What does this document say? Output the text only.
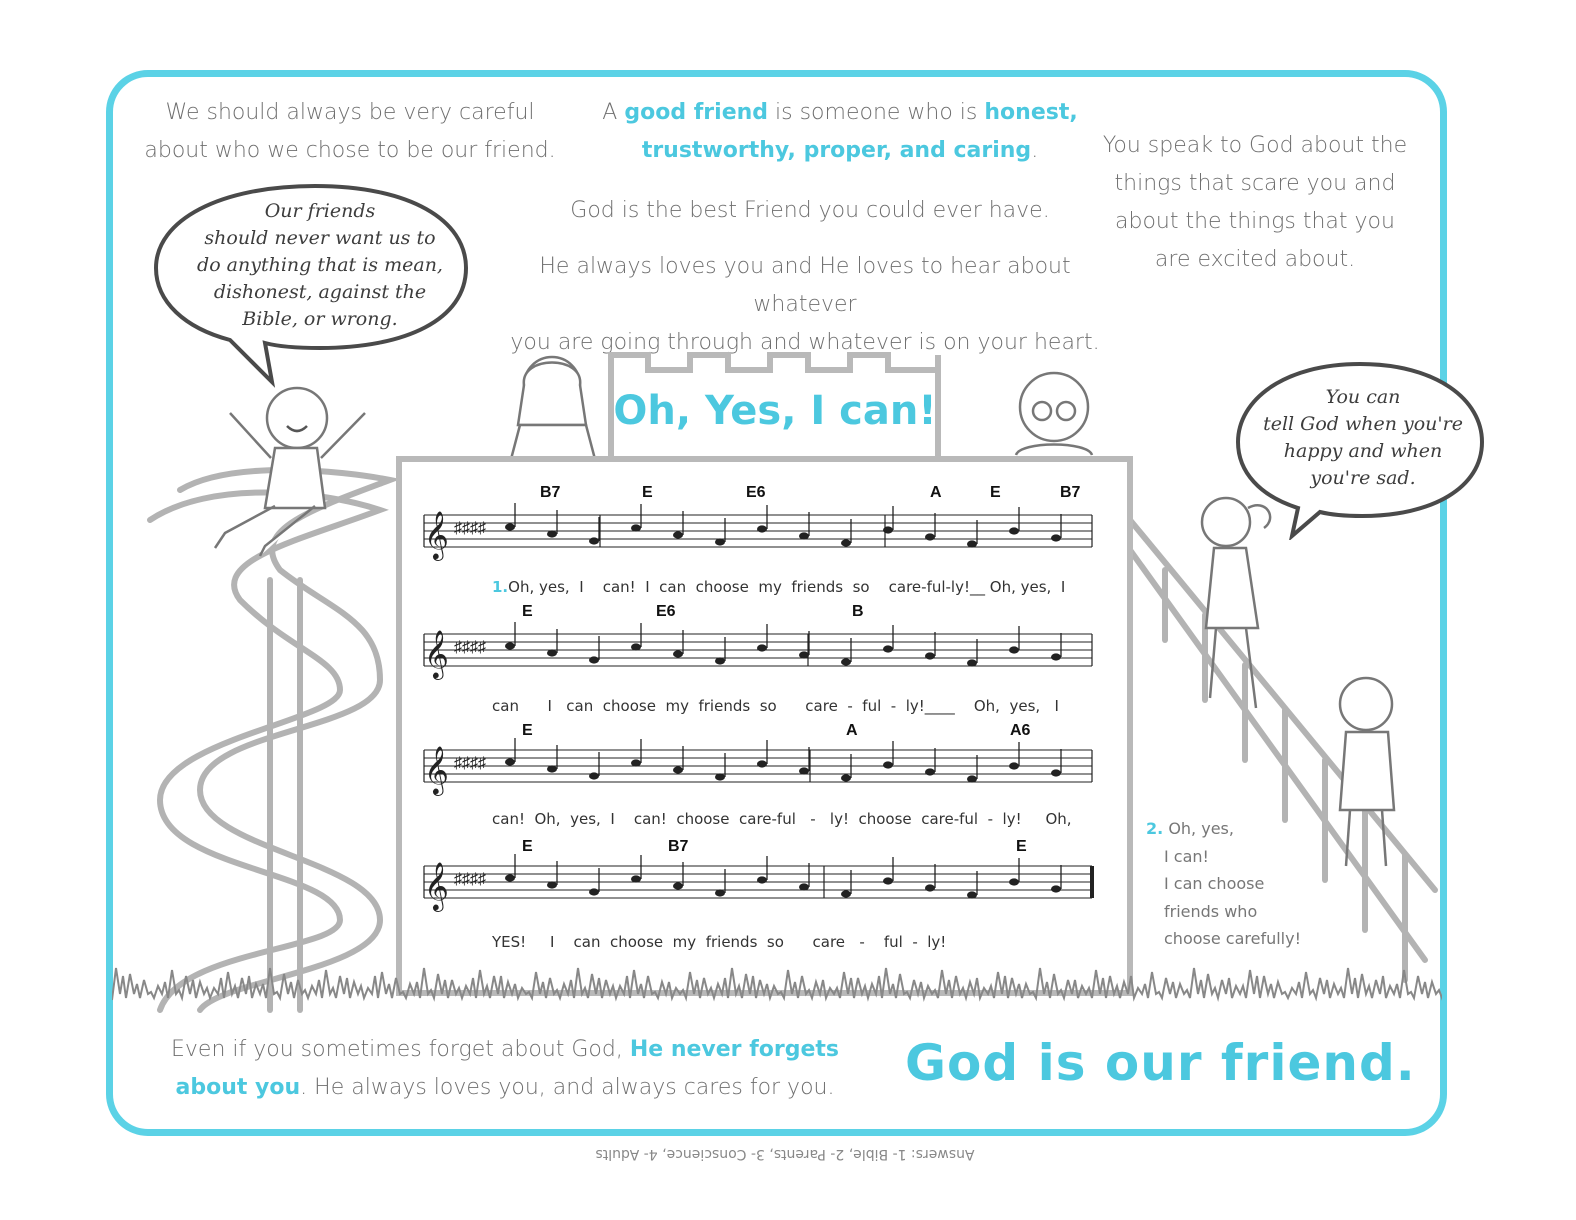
We should always be very careful
about who we chose to be our friend.
A good friend is someone who is honest,
trustworthy, proper, and caring.
God is the best Friend you could ever have.
He always loves you and He loves to hear about whatever
you are going through and whatever is on your heart.
You speak to God about the
things that scare you and
about the things that you
are excited about.
Our friends
should never want us to
do anything that is mean,
dishonest, against the
Bible, or wrong.
You can
tell God when you're
happy and when
you're sad.
Oh, Yes, I can!
𝄞 ♯♯♯♯
𝄞 ♯♯♯♯
𝄞 ♯♯♯♯
𝄞 ♯♯♯♯
B7	E	E6	A	E	B7
1.Oh, yes,  I    can!  I  can  choose  my  friends  so    care-ful-ly!__ Oh, yes,  I
E	E6	B
can      I   can  choose  my  friends  so      care  -  ful  -  ly!____    Oh,  yes,   I
E	A	A6
can!  Oh,  yes,  I    can!  choose  care-ful   -   ly!  choose  care-ful  -  ly!     Oh,
E	B7	E
YES!     I    can  choose  my  friends  so      care   -    ful  -  ly!
2. Oh, yes,
I can!
I can choose
friends who
choose carefully!
Even if you sometimes forget about God, He never forgets
about you. He always loves you, and always cares for you.	God is our friend.
Answers: 1- Bible, 2- Parents, 3- Conscience, 4- Adults
